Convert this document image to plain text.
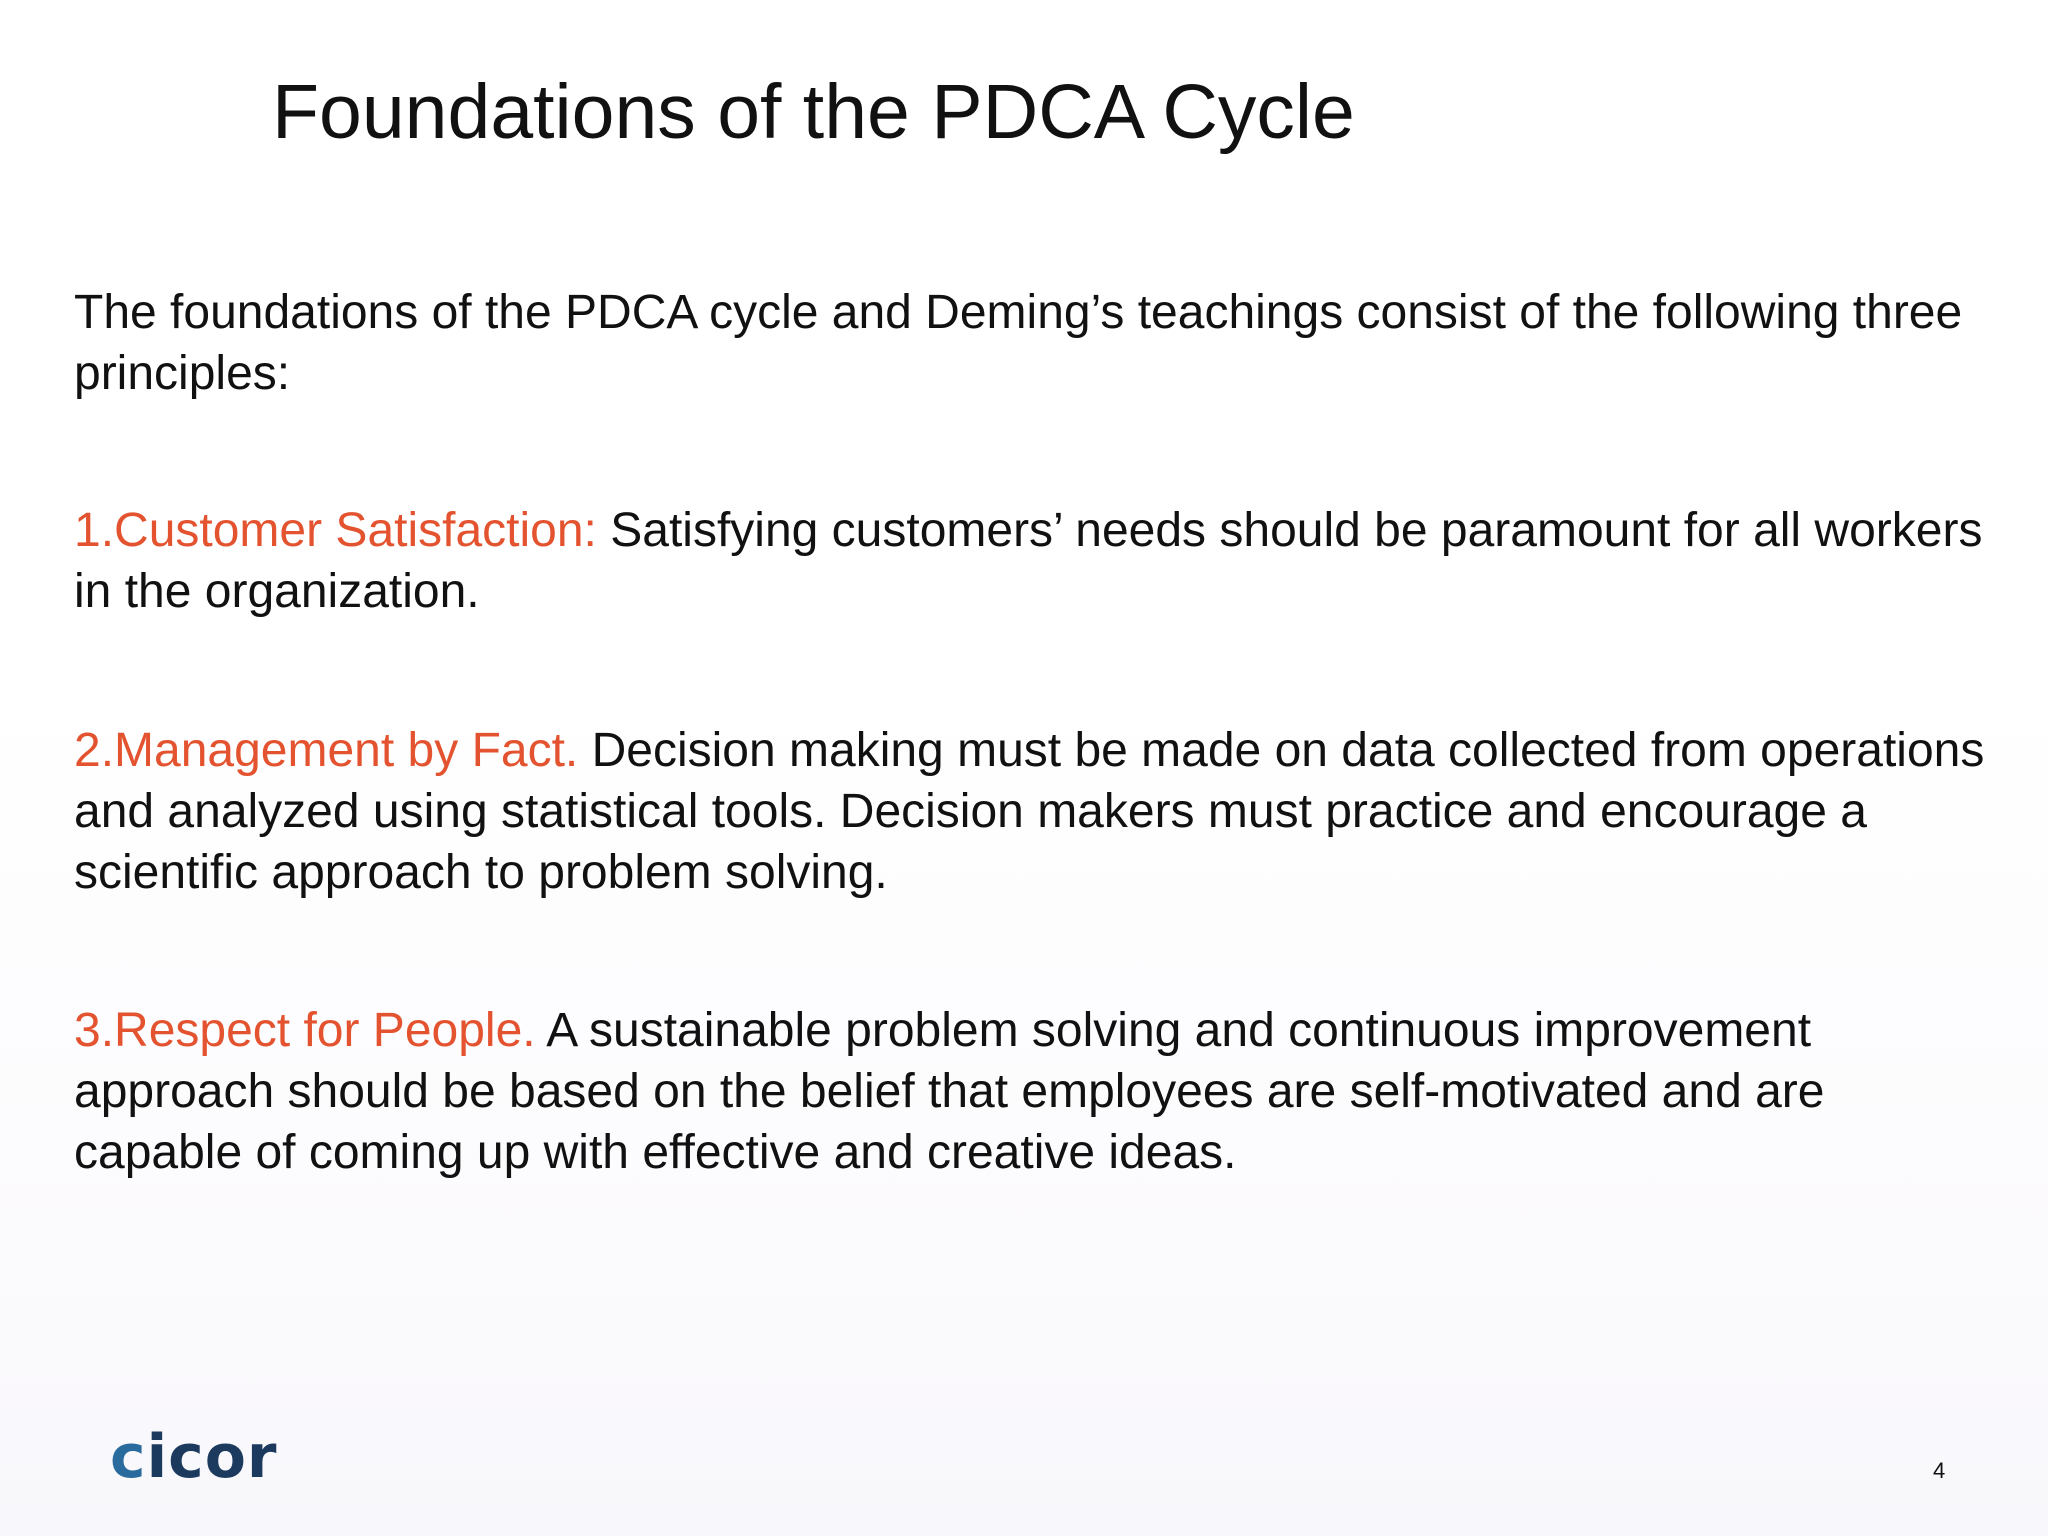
Foundations of the PDCA Cycle

The foundations of the PDCA cycle and Deming’s teachings consist of the following three principles:

1.Customer Satisfaction: Satisfying customers’ needs should be paramount for all workers in the organization.

2.Management by Fact. Decision making must be made on data collected from operations and analyzed using statistical tools. Decision makers must practice and encourage a scientific approach to problem solving.

3.Respect for People. A sustainable problem solving and continuous improvement approach should be based on the belief that employees are self-motivated and are capable of coming up with effective and creative ideas.

cicor	4
